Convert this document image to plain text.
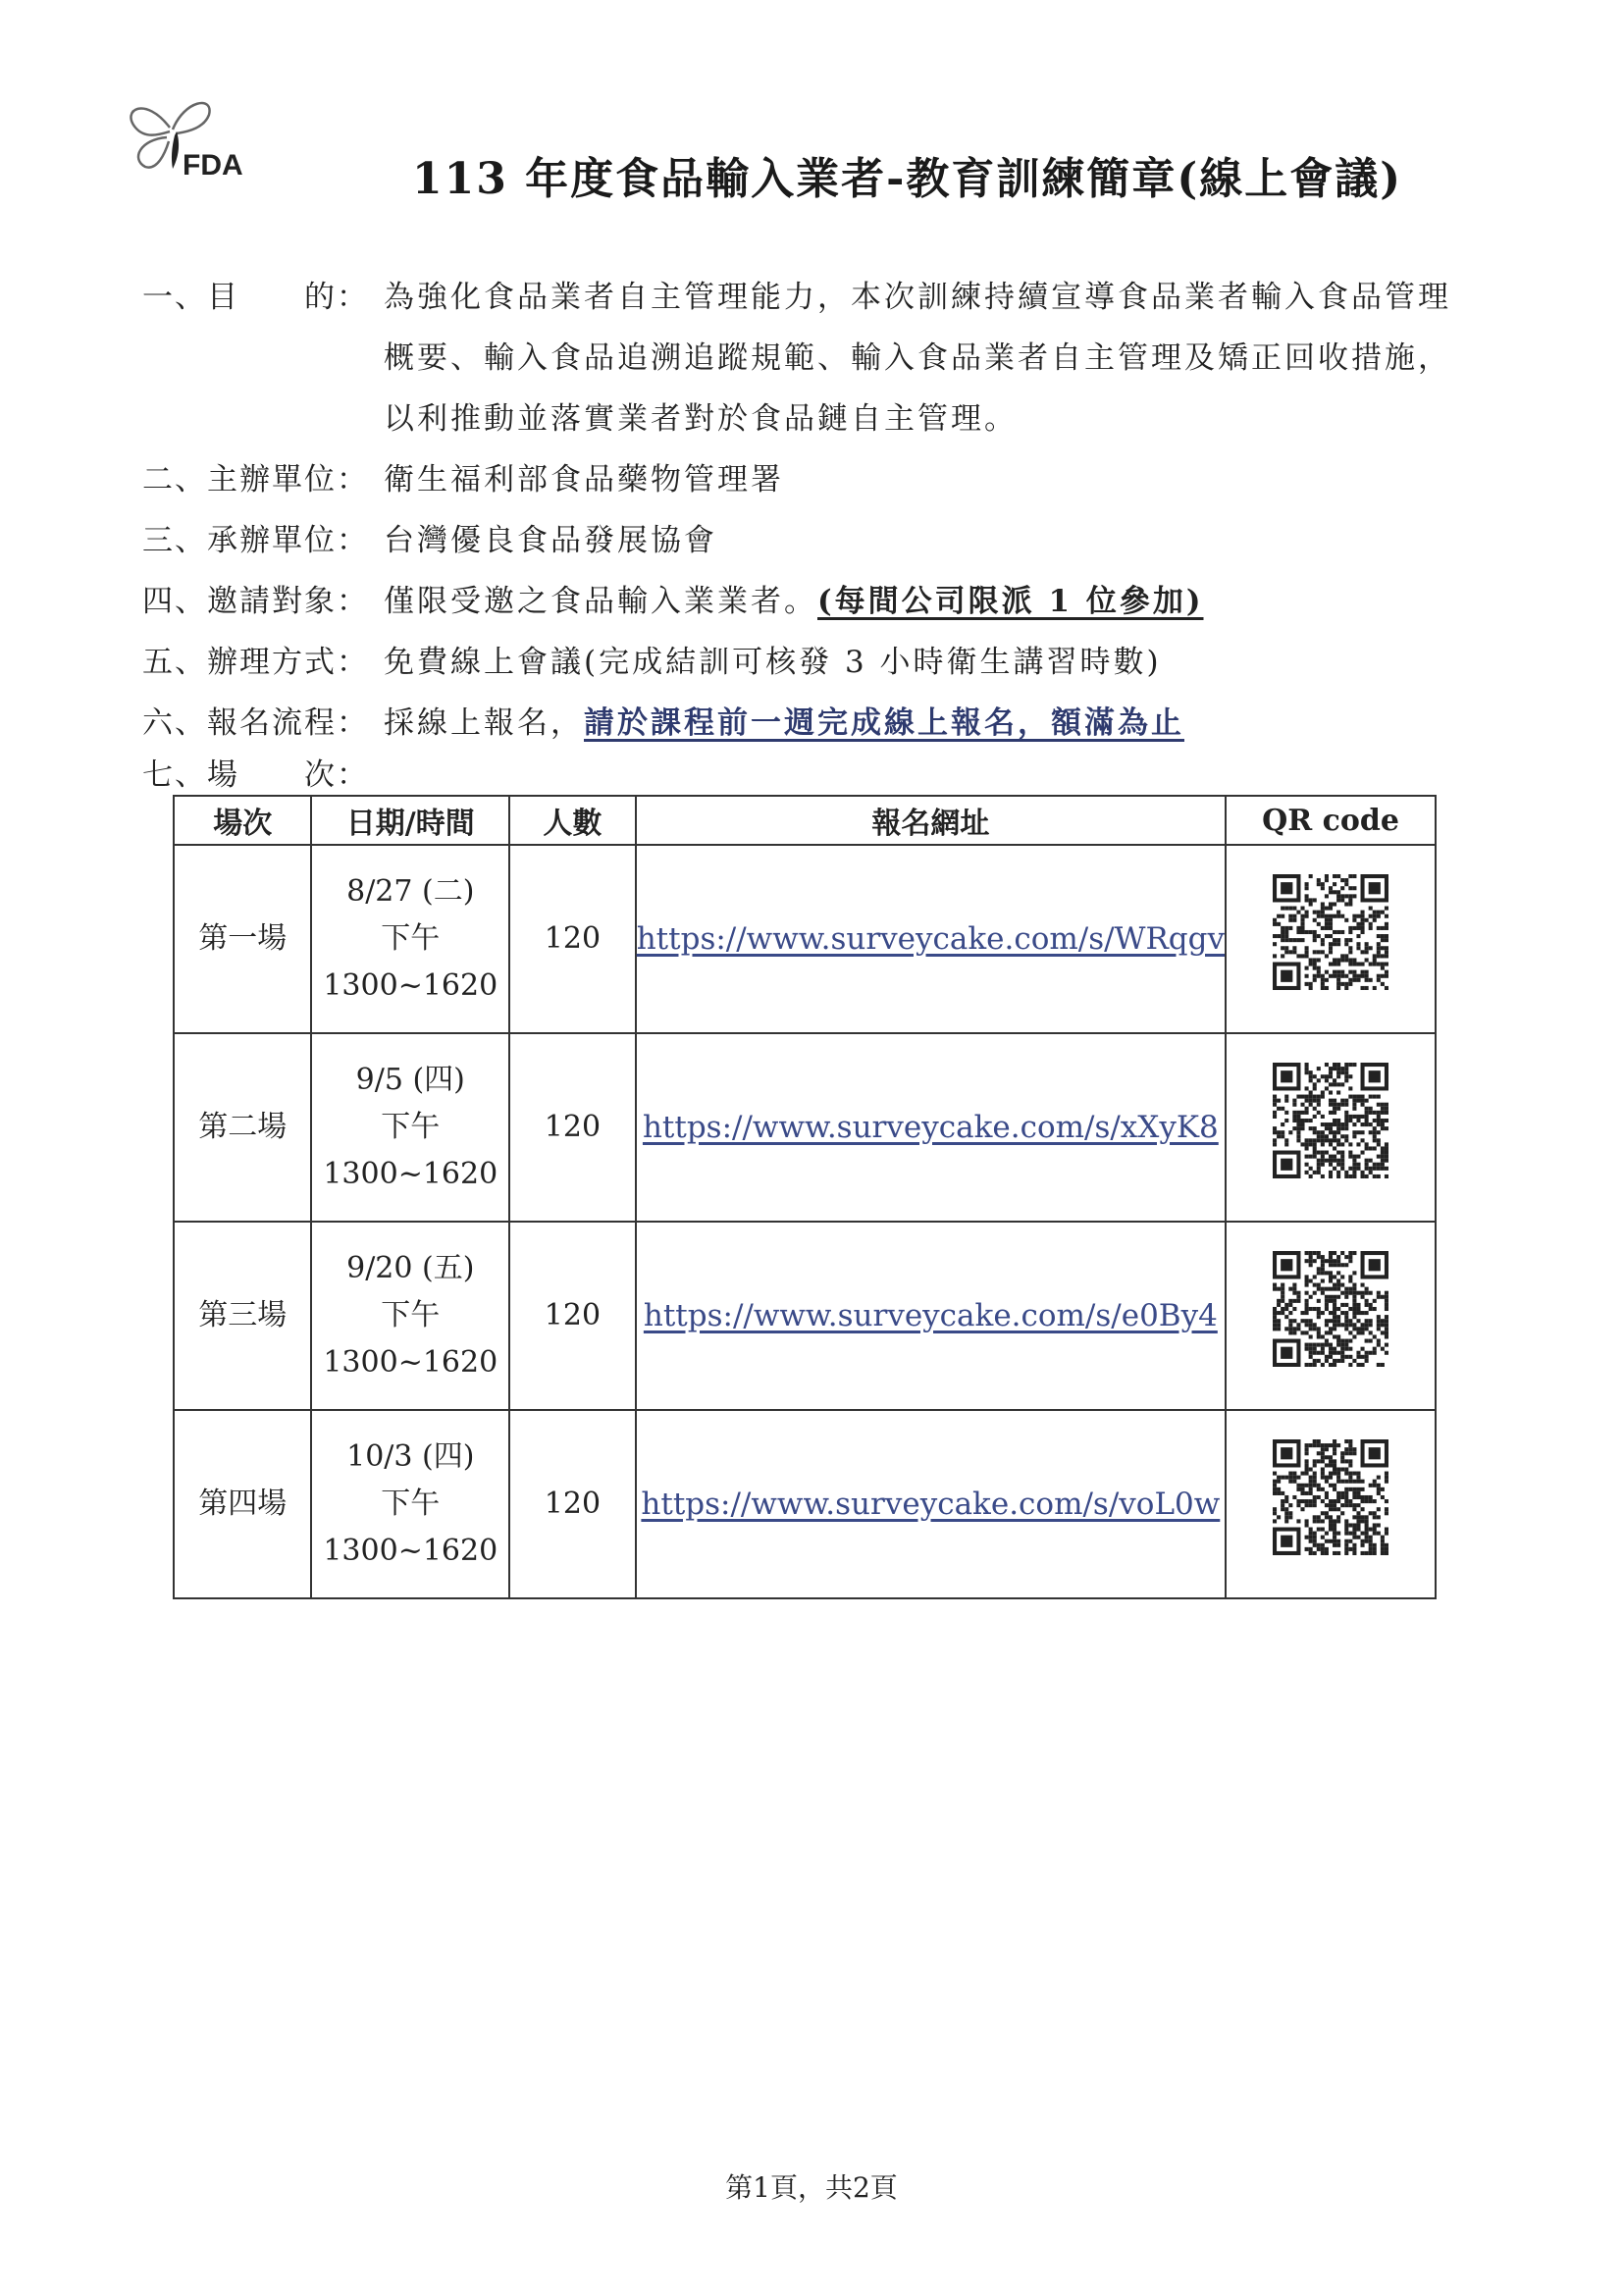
FDA	113 年度食品輸入業者-教育訓練簡章(線上會議)
一、目　　的： 為強化食品業者自主管理能力，本次訓練持續宣導食品業者輸入食品管理
概要、輸入食品追溯追蹤規範、輸入食品業者自主管理及矯正回收措施，
以利推動並落實業者對於食品鏈自主管理。
二、主辦單位： 衛生福利部食品藥物管理署
三、承辦單位： 台灣優良食品發展協會
四、邀請對象： 僅限受邀之食品輸入業業者。(每間公司限派 1 位參加)
五、辦理方式： 免費線上會議(完成結訓可核發 3 小時衛生講習時數)
六、報名流程： 採線上報名，請於課程前一週完成線上報名，額滿為止
七、場　　次：
場次	日期/時間	人數	報名網址	QR code
第一場	8/27 (二)
下午
1300~1620	120	https://www.surveycake.com/s/WRqgv	
第二場	9/5 (四)
下午
1300~1620	120	https://www.surveycake.com/s/xXyK8	
第三場	9/20 (五)
下午
1300~1620	120	https://www.surveycake.com/s/e0By4	
第四場	10/3 (四)
下午
1300~1620	120	https://www.surveycake.com/s/voL0w	
第1頁，共2頁
